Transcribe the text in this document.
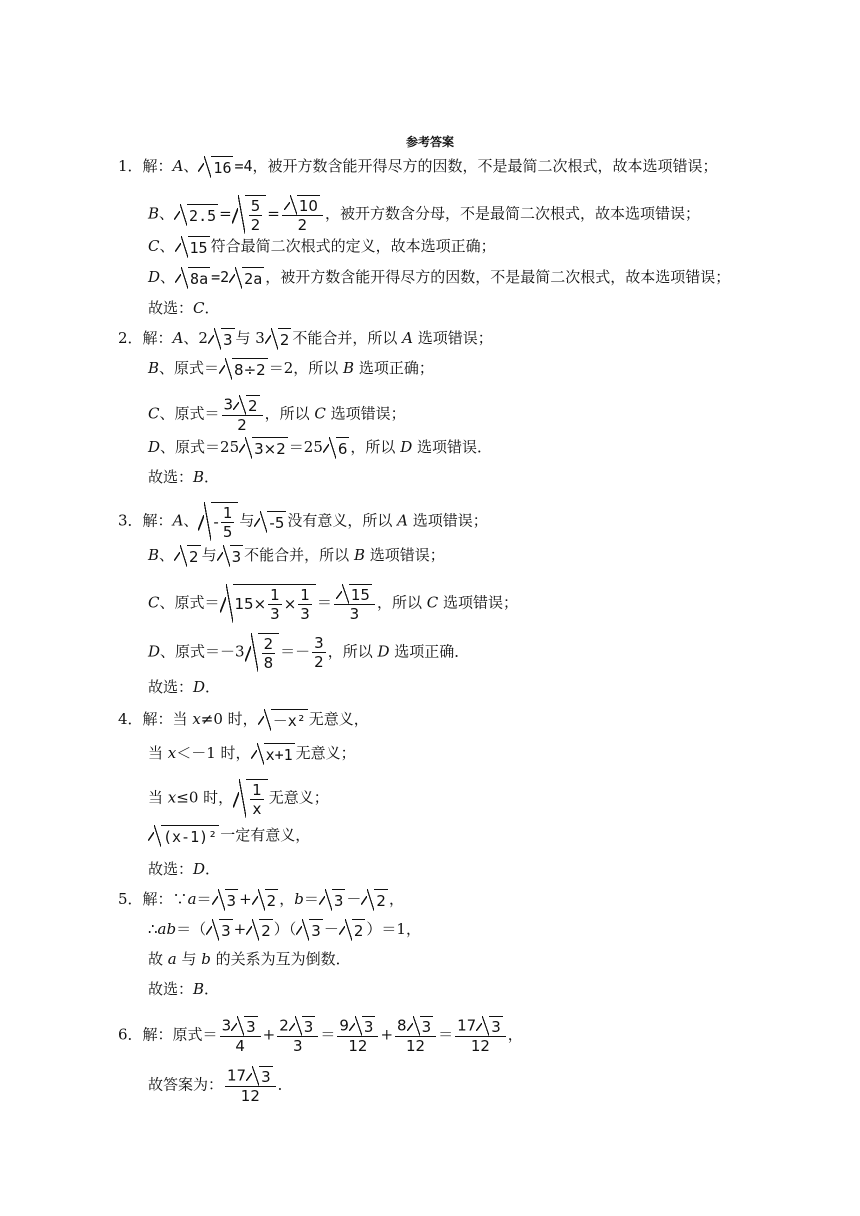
参考答案
1．解：A、 16 =4，被开方数含能开得尽方的因数，不是最简二次根式，故本选项错误；
B、 $2.5 = \frac{5}{2} = \frac{10}{2}$ ，被开方数含分母，不是最简二次根式，故本选项错误；
C、 15 符合最简二次根式的定义，故本选项正确；
D、 8a =2 2a ，被开方数含能开得尽方的因数，不是最简二次根式，故本选项错误；
故选：C．
2．解：A、2 3 与 3 2 不能合并，所以 A 选项错误；
B、原式＝ 8÷2 ＝2，所以 B 选项正确；
C、原式＝ $\frac{3 2}{2}$ ，所以 C 选项错误；
D、原式＝25 3×2 ＝25 6 ，所以 D 选项错误．
故选：B．
3．解：A、 - $\frac{1}{5}$ 与 -5 没有意义，所以 A 选项错误；
B、 2 与 3 不能合并，所以 B 选项错误；
C、原式＝ $15\times \frac{1}{3} \times \frac{1}{3} = \frac{15}{3}$ ，所以 C 选项错误；
D、原式$=-3 \frac{2}{8} =- \frac{3}{2}$ ，所以 D 选项正确．
故选：D．
4．解：当 x≠0 时， －x² 无意义，
当 x＜－1 时， x+1 无意义；
当 x≤0 时， $\frac{1}{x}$ 无意义；
(x-1)² 一定有意义，
故选：D．
5．解：∵a＝ 3 + 2 ，b＝ 3 － 2 ，
∴ab＝（ 3 + 2 ）（ 3 － 2 ）＝1，
故 a 与 b 的关系为互为倒数．
故选：B．
6．解：原式＝ $\frac{3 3}{4} + \frac{2 3}{3} = \frac{9 3}{12} + \frac{8 3}{12} = \frac{17 3}{12}$ ，
故答案为： $\frac{17 3}{12}$ ．
